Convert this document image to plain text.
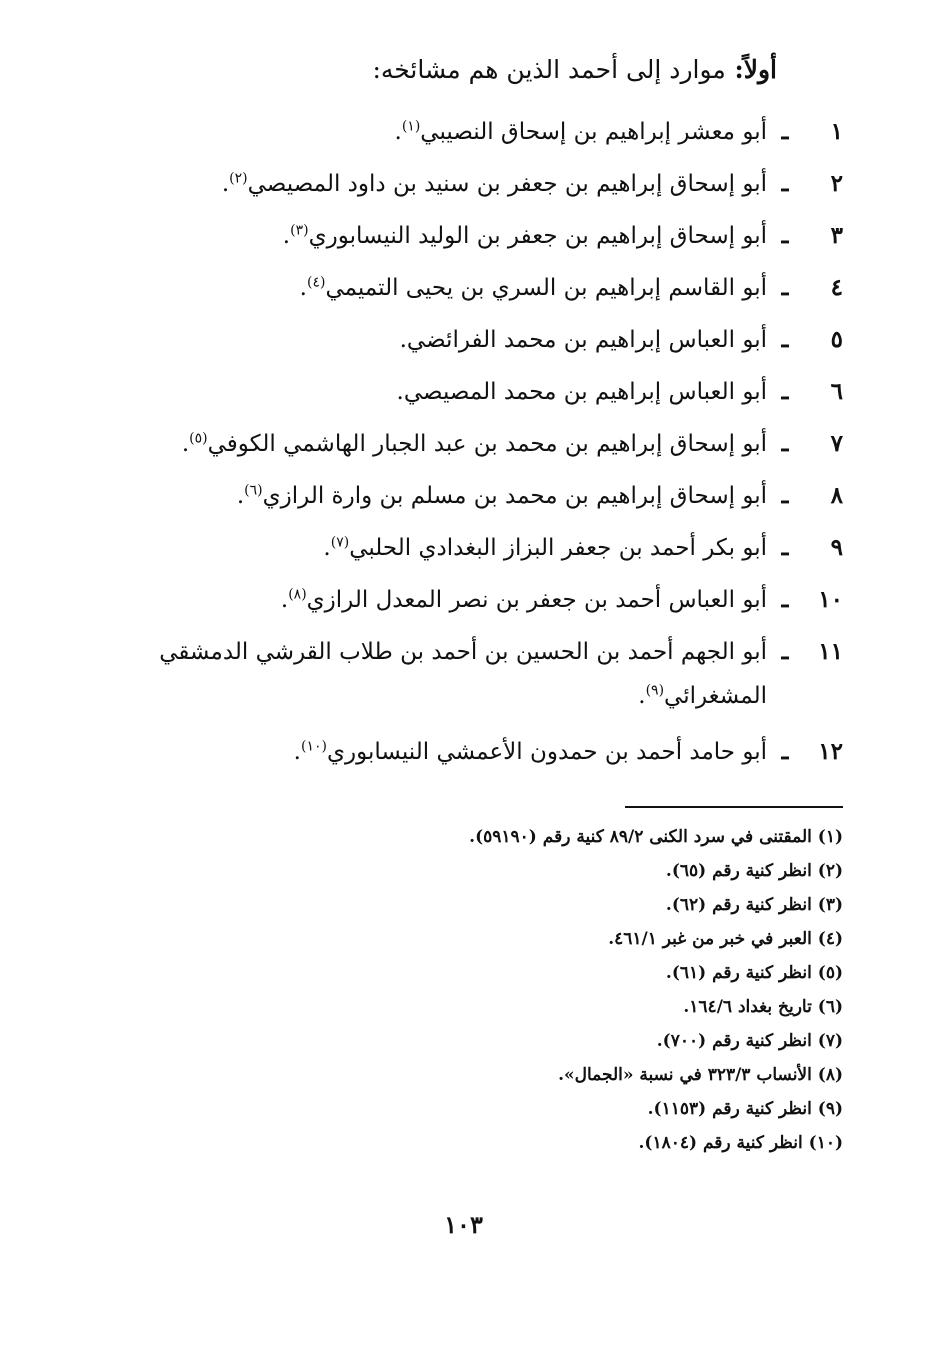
أولاً: موارد إلى أحمد الذين هم مشائخه:
١
ـ
أبو معشر إبراهيم بن إسحاق النصيبي$^{(١)}$.
٢
ـ
أبو إسحاق إبراهيم بن جعفر بن سنيد بن داود المصيصي$^{(٢)}$.
٣
ـ
أبو إسحاق إبراهيم بن جعفر بن الوليد النيسابوري$^{(٣)}$.
٤
ـ
أبو القاسم إبراهيم بن السري بن يحيى التميمي$^{(٤)}$.
٥
ـ
أبو العباس إبراهيم بن محمد الفرائضي.
٦
ـ
أبو العباس إبراهيم بن محمد المصيصي.
٧
ـ
أبو إسحاق إبراهيم بن محمد بن عبد الجبار الهاشمي الكوفي$^{(٥)}$.
٨
ـ
أبو إسحاق إبراهيم بن محمد بن مسلم بن وارة الرازي$^{(٦)}$.
٩
ـ
أبو بكر أحمد بن جعفر البزاز البغدادي الحلبي$^{(٧)}$.
١٠
ـ
أبو العباس أحمد بن جعفر بن نصر المعدل الرازي$^{(٨)}$.
١١
ـ
أبو الجهم أحمد بن الحسين بن أحمد بن طلاب القرشي الدمشقي المشغرائي$^{(٩)}$.
١٢
ـ
أبو حامد أحمد بن حمدون الأعمشي النيسابوري$^{(١٠)}$.
(١) المقتنى في سرد الكنى ٨٩/٢ كنية رقم (٥٩١٩٠).
(٢) انظر كنية رقم (٦٥).
(٣) انظر كنية رقم (٦٢).
(٤) العبر في خبر من غبر ٤٦١/١.
(٥) انظر كنية رقم (٦١).
(٦) تاريخ بغداد ١٦٤/٦.
(٧) انظر كنية رقم (٧٠٠).
(٨) الأنساب ٣٢٣/٣ في نسبة «الجمال».
(٩) انظر كنية رقم (١١٥٣).
(١٠) انظر كنية رقم (١٨٠٤).
١٠٣
